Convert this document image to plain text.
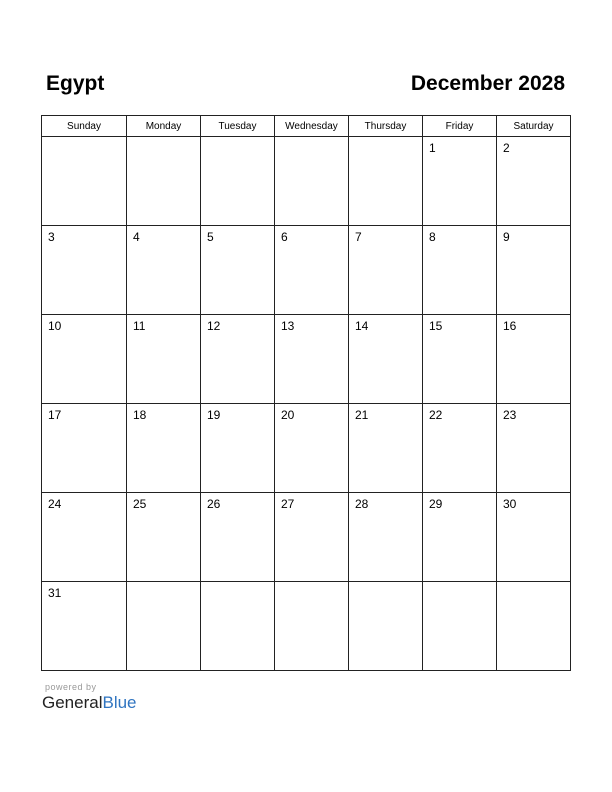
Egypt	December 2028
Sunday	Monday	Tuesday	Wednesday	Thursday	Friday	Saturday

					1	2

3	4	5	6	7	8	9

10	11	12	13	14	15	16

17	18	19	20	21	22	23

24	25	26	27	28	29	30

31						

powered by
GeneralBlue
